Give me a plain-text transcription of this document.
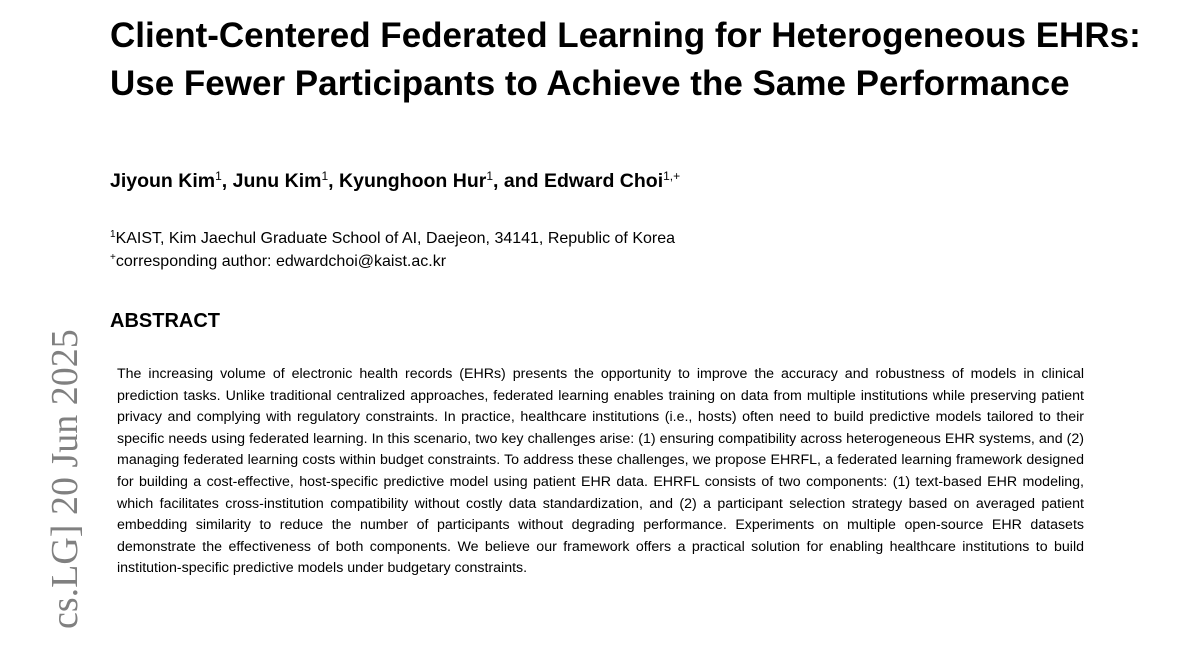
Client-Centered Federated Learning for Heterogeneous EHRs: Use Fewer Participants to Achieve the Same Performance
Jiyoun Kim$^1$, Junu Kim$^1$, Kyunghoon Hur$^1$, and Edward Choi$^{1,+}$
$^1$KAIST, Kim Jaechul Graduate School of AI, Daejeon, 34141, Republic of Korea
+corresponding author: edwardchoi@kaist.ac.kr
ABSTRACT

The increasing volume of electronic health records (EHRs) presents the opportunity to improve the accuracy and robustness of models in clinical prediction tasks. Unlike traditional centralized approaches, federated learning enables training on data from multiple institutions while preserving patient privacy and complying with regulatory constraints. In practice, healthcare institutions (i.e., hosts) often need to build predictive models tailored to their specific needs using federated learning. In this scenario, two key challenges arise: (1) ensuring compatibility across heterogeneous EHR systems, and (2) managing federated learning costs within budget constraints. To address these challenges, we propose EHRFL, a federated learning framework designed for building a cost-effective, host-specific predictive model using patient EHR data. EHRFL consists of two components: (1) text-based EHR modeling, which facilitates cross-institution compatibility without costly data standardization, and (2) a participant selection strategy based on averaged patient embedding similarity to reduce the number of participants without degrading performance. Experiments on multiple open-source EHR datasets demonstrate the effectiveness of both components. We believe our framework offers a practical solution for enabling healthcare institutions to build institution-specific predictive models under budgetary constraints.

cs.LG] 20 Jun 2025
